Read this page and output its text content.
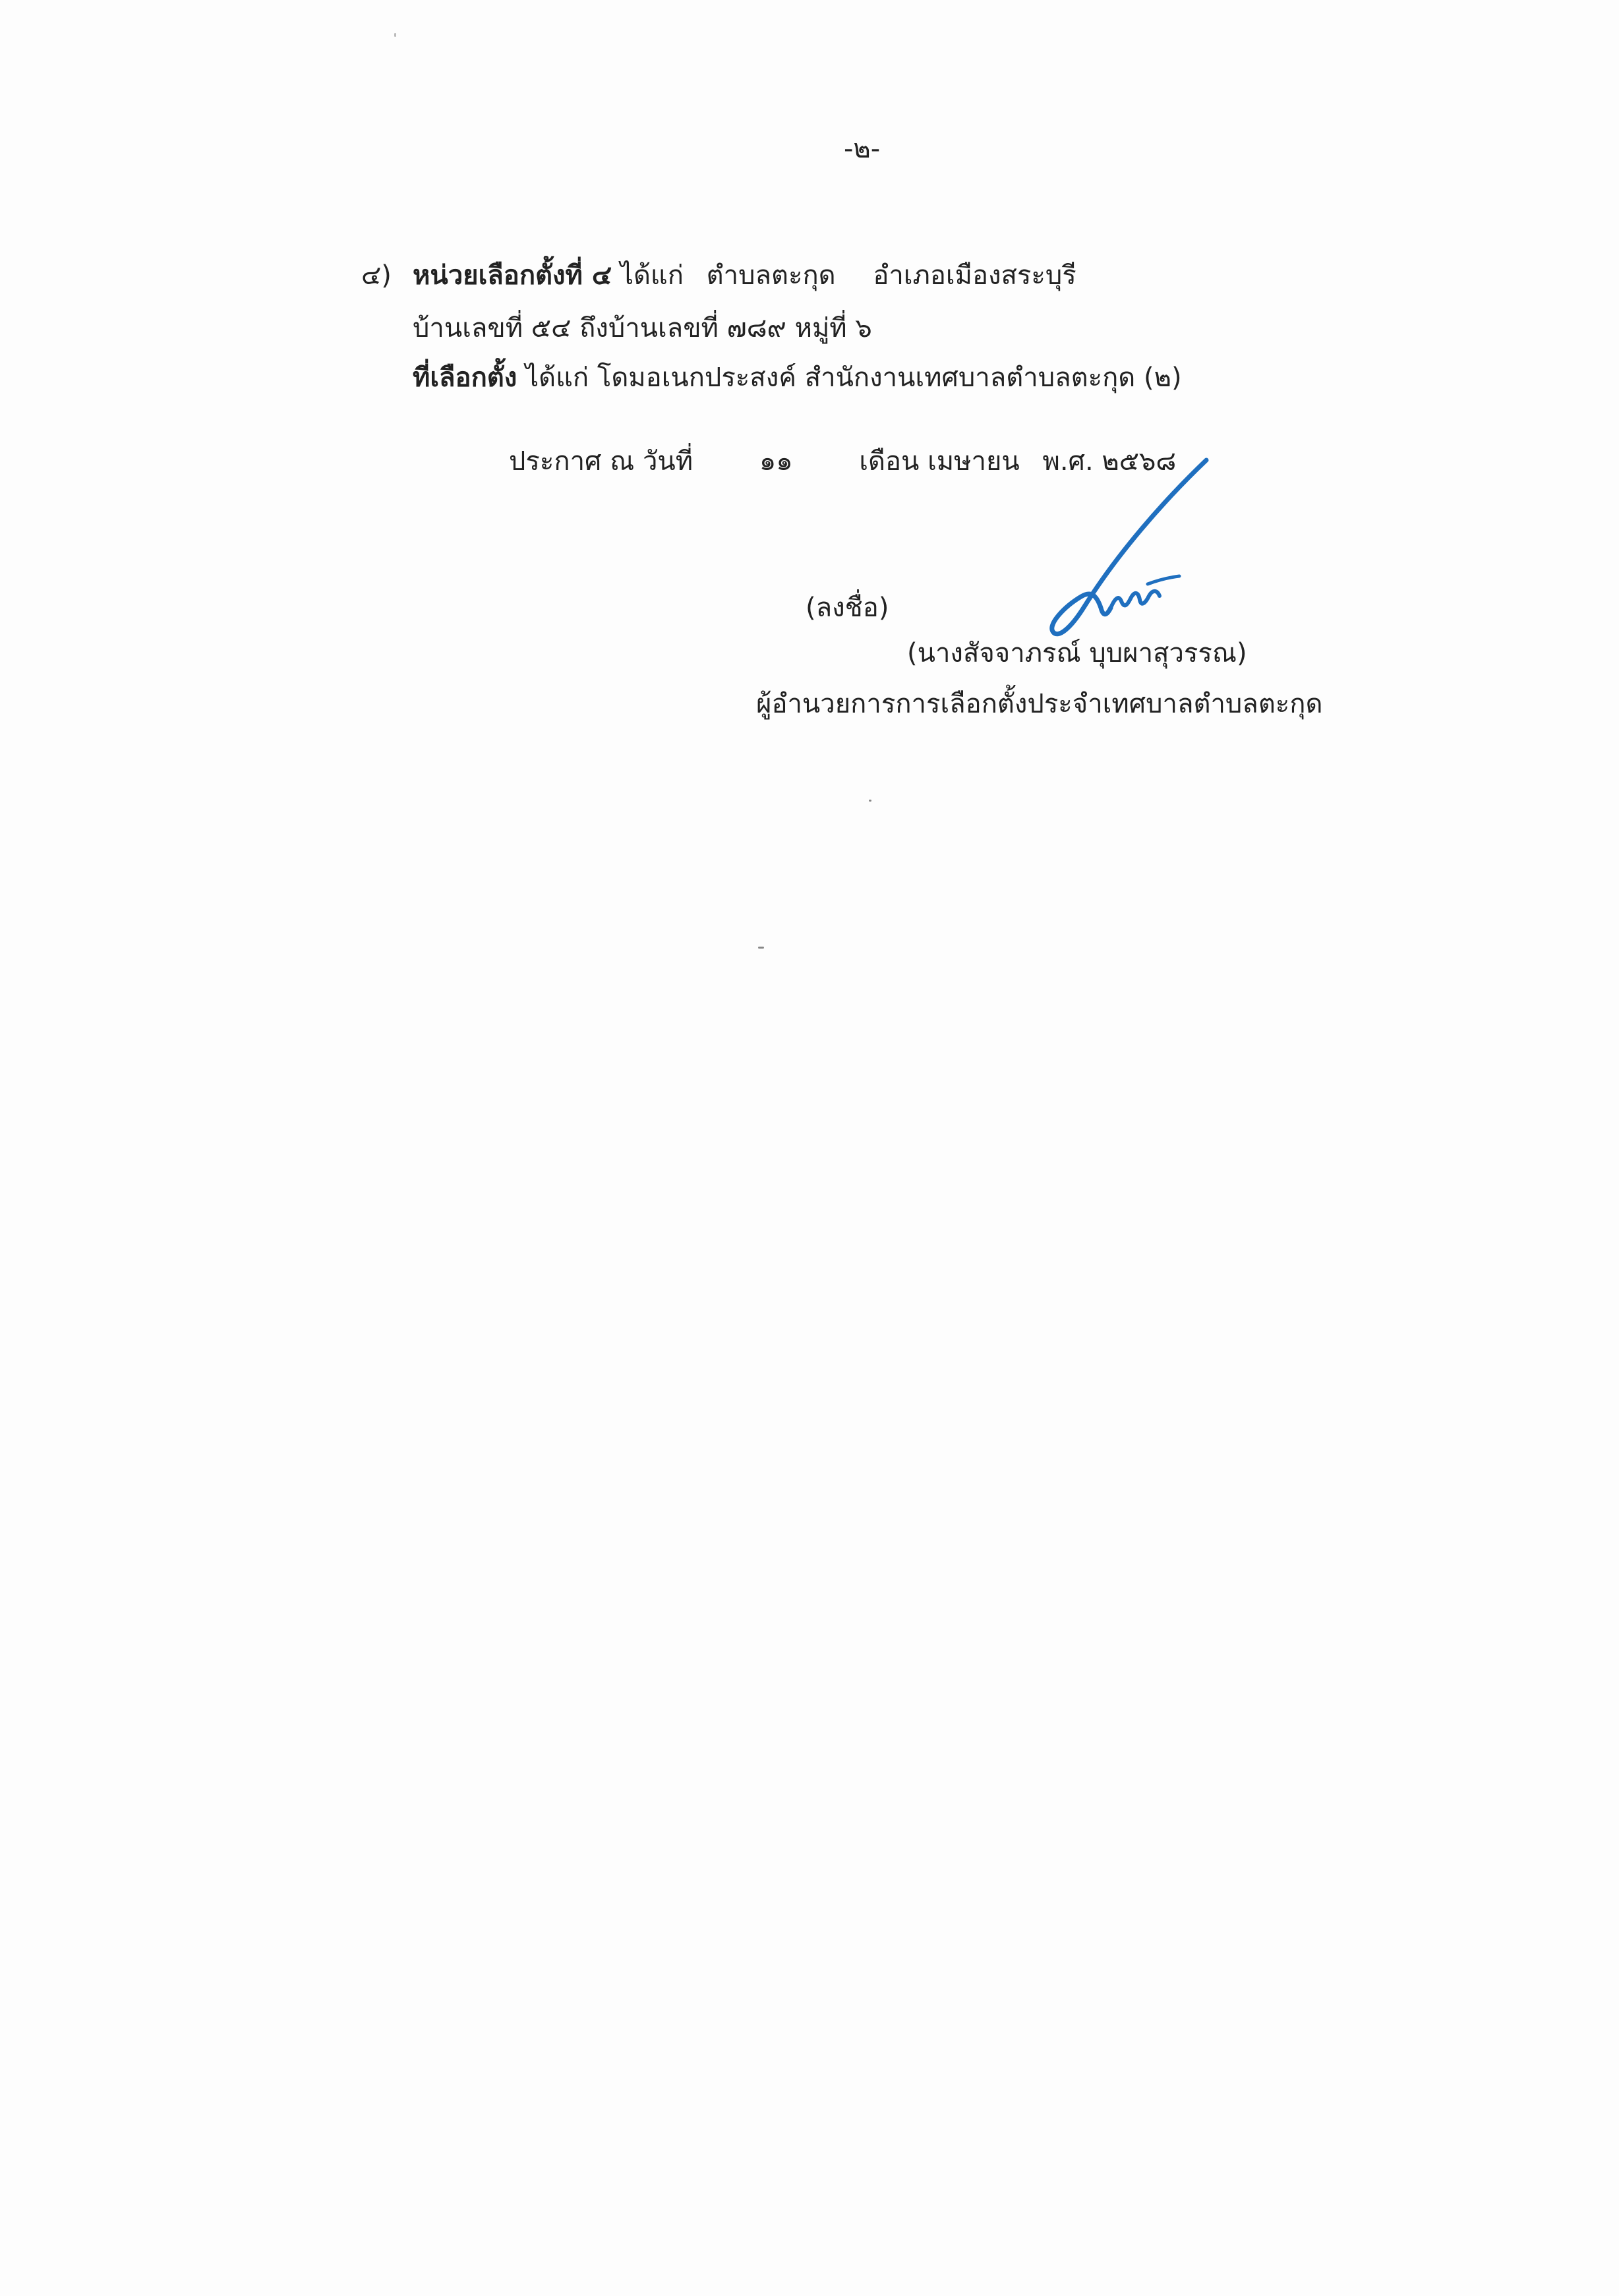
-๒-
๔) หน่วยเลือกตั้งที่ ๔ ได้แก่ ตำบลตะกุด อำเภอเมืองสระบุรี
บ้านเลขที่ ๕๔ ถึงบ้านเลขที่ ๗๘๙ หมู่ที่ ๖
ที่เลือกตั้ง ได้แก่ โดมอเนกประสงค์ สำนักงานเทศบาลตำบลตะกุด (๒)
ประกาศ ณ วันที่	๑๑	เดือน เมษายน พ.ศ. ๒๕๖๘
(ลงชื่อ)
(นางสัจจาภรณ์ บุบผาสุวรรณ)
ผู้อำนวยการการเลือกตั้งประจำเทศบาลตำบลตะกุด
